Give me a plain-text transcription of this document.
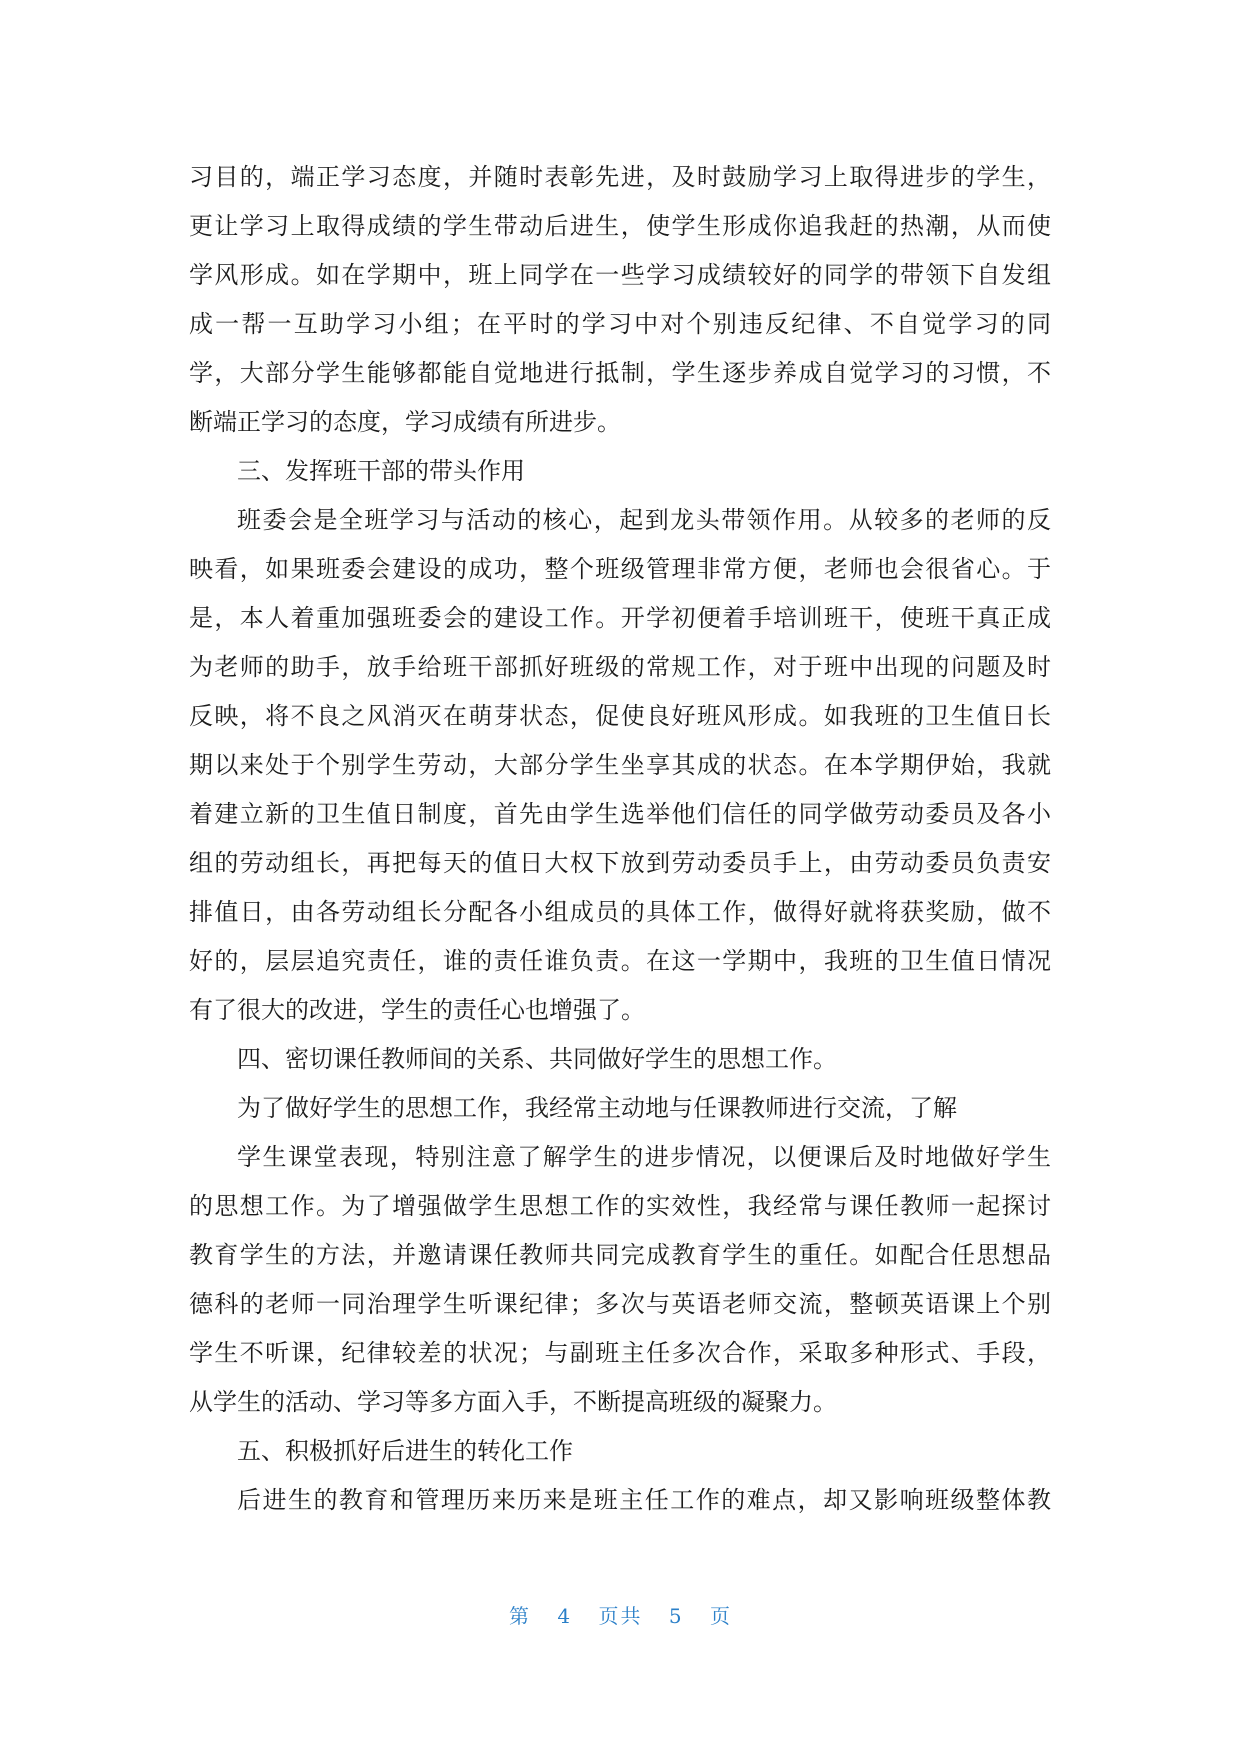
习目的，端正学习态度，并随时表彰先进，及时鼓励学习上取得进步的学生，
更让学习上取得成绩的学生带动后进生，使学生形成你追我赶的热潮，从而使
学风形成。如在学期中，班上同学在一些学习成绩较好的同学的带领下自发组
成一帮一互助学习小组；在平时的学习中对个别违反纪律、不自觉学习的同
学，大部分学生能够都能自觉地进行抵制，学生逐步养成自觉学习的习惯，不
断端正学习的态度，学习成绩有所进步。
三、发挥班干部的带头作用
班委会是全班学习与活动的核心，起到龙头带领作用。从较多的老师的反
映看，如果班委会建设的成功，整个班级管理非常方便，老师也会很省心。于
是，本人着重加强班委会的建设工作。开学初便着手培训班干，使班干真正成
为老师的助手，放手给班干部抓好班级的常规工作，对于班中出现的问题及时
反映，将不良之风消灭在萌芽状态，促使良好班风形成。如我班的卫生值日长
期以来处于个别学生劳动，大部分学生坐享其成的状态。在本学期伊始，我就
着建立新的卫生值日制度，首先由学生选举他们信任的同学做劳动委员及各小
组的劳动组长，再把每天的值日大权下放到劳动委员手上，由劳动委员负责安
排值日，由各劳动组长分配各小组成员的具体工作，做得好就将获奖励，做不
好的，层层追究责任，谁的责任谁负责。在这一学期中，我班的卫生值日情况
有了很大的改进，学生的责任心也增强了。
四、密切课任教师间的关系、共同做好学生的思想工作。
为了做好学生的思想工作，我经常主动地与任课教师进行交流，了解
学生课堂表现，特别注意了解学生的进步情况，以便课后及时地做好学生
的思想工作。为了增强做学生思想工作的实效性，我经常与课任教师一起探讨
教育学生的方法，并邀请课任教师共同完成教育学生的重任。如配合任思想品
德科的老师一同治理学生听课纪律；多次与英语老师交流，整顿英语课上个别
学生不听课，纪律较差的状况；与副班主任多次合作，采取多种形式、手段，
从学生的活动、学习等多方面入手，不断提高班级的凝聚力。
五、积极抓好后进生的转化工作
后进生的教育和管理历来历来是班主任工作的难点，却又影响班级整体教
第 4 页共 5 页
